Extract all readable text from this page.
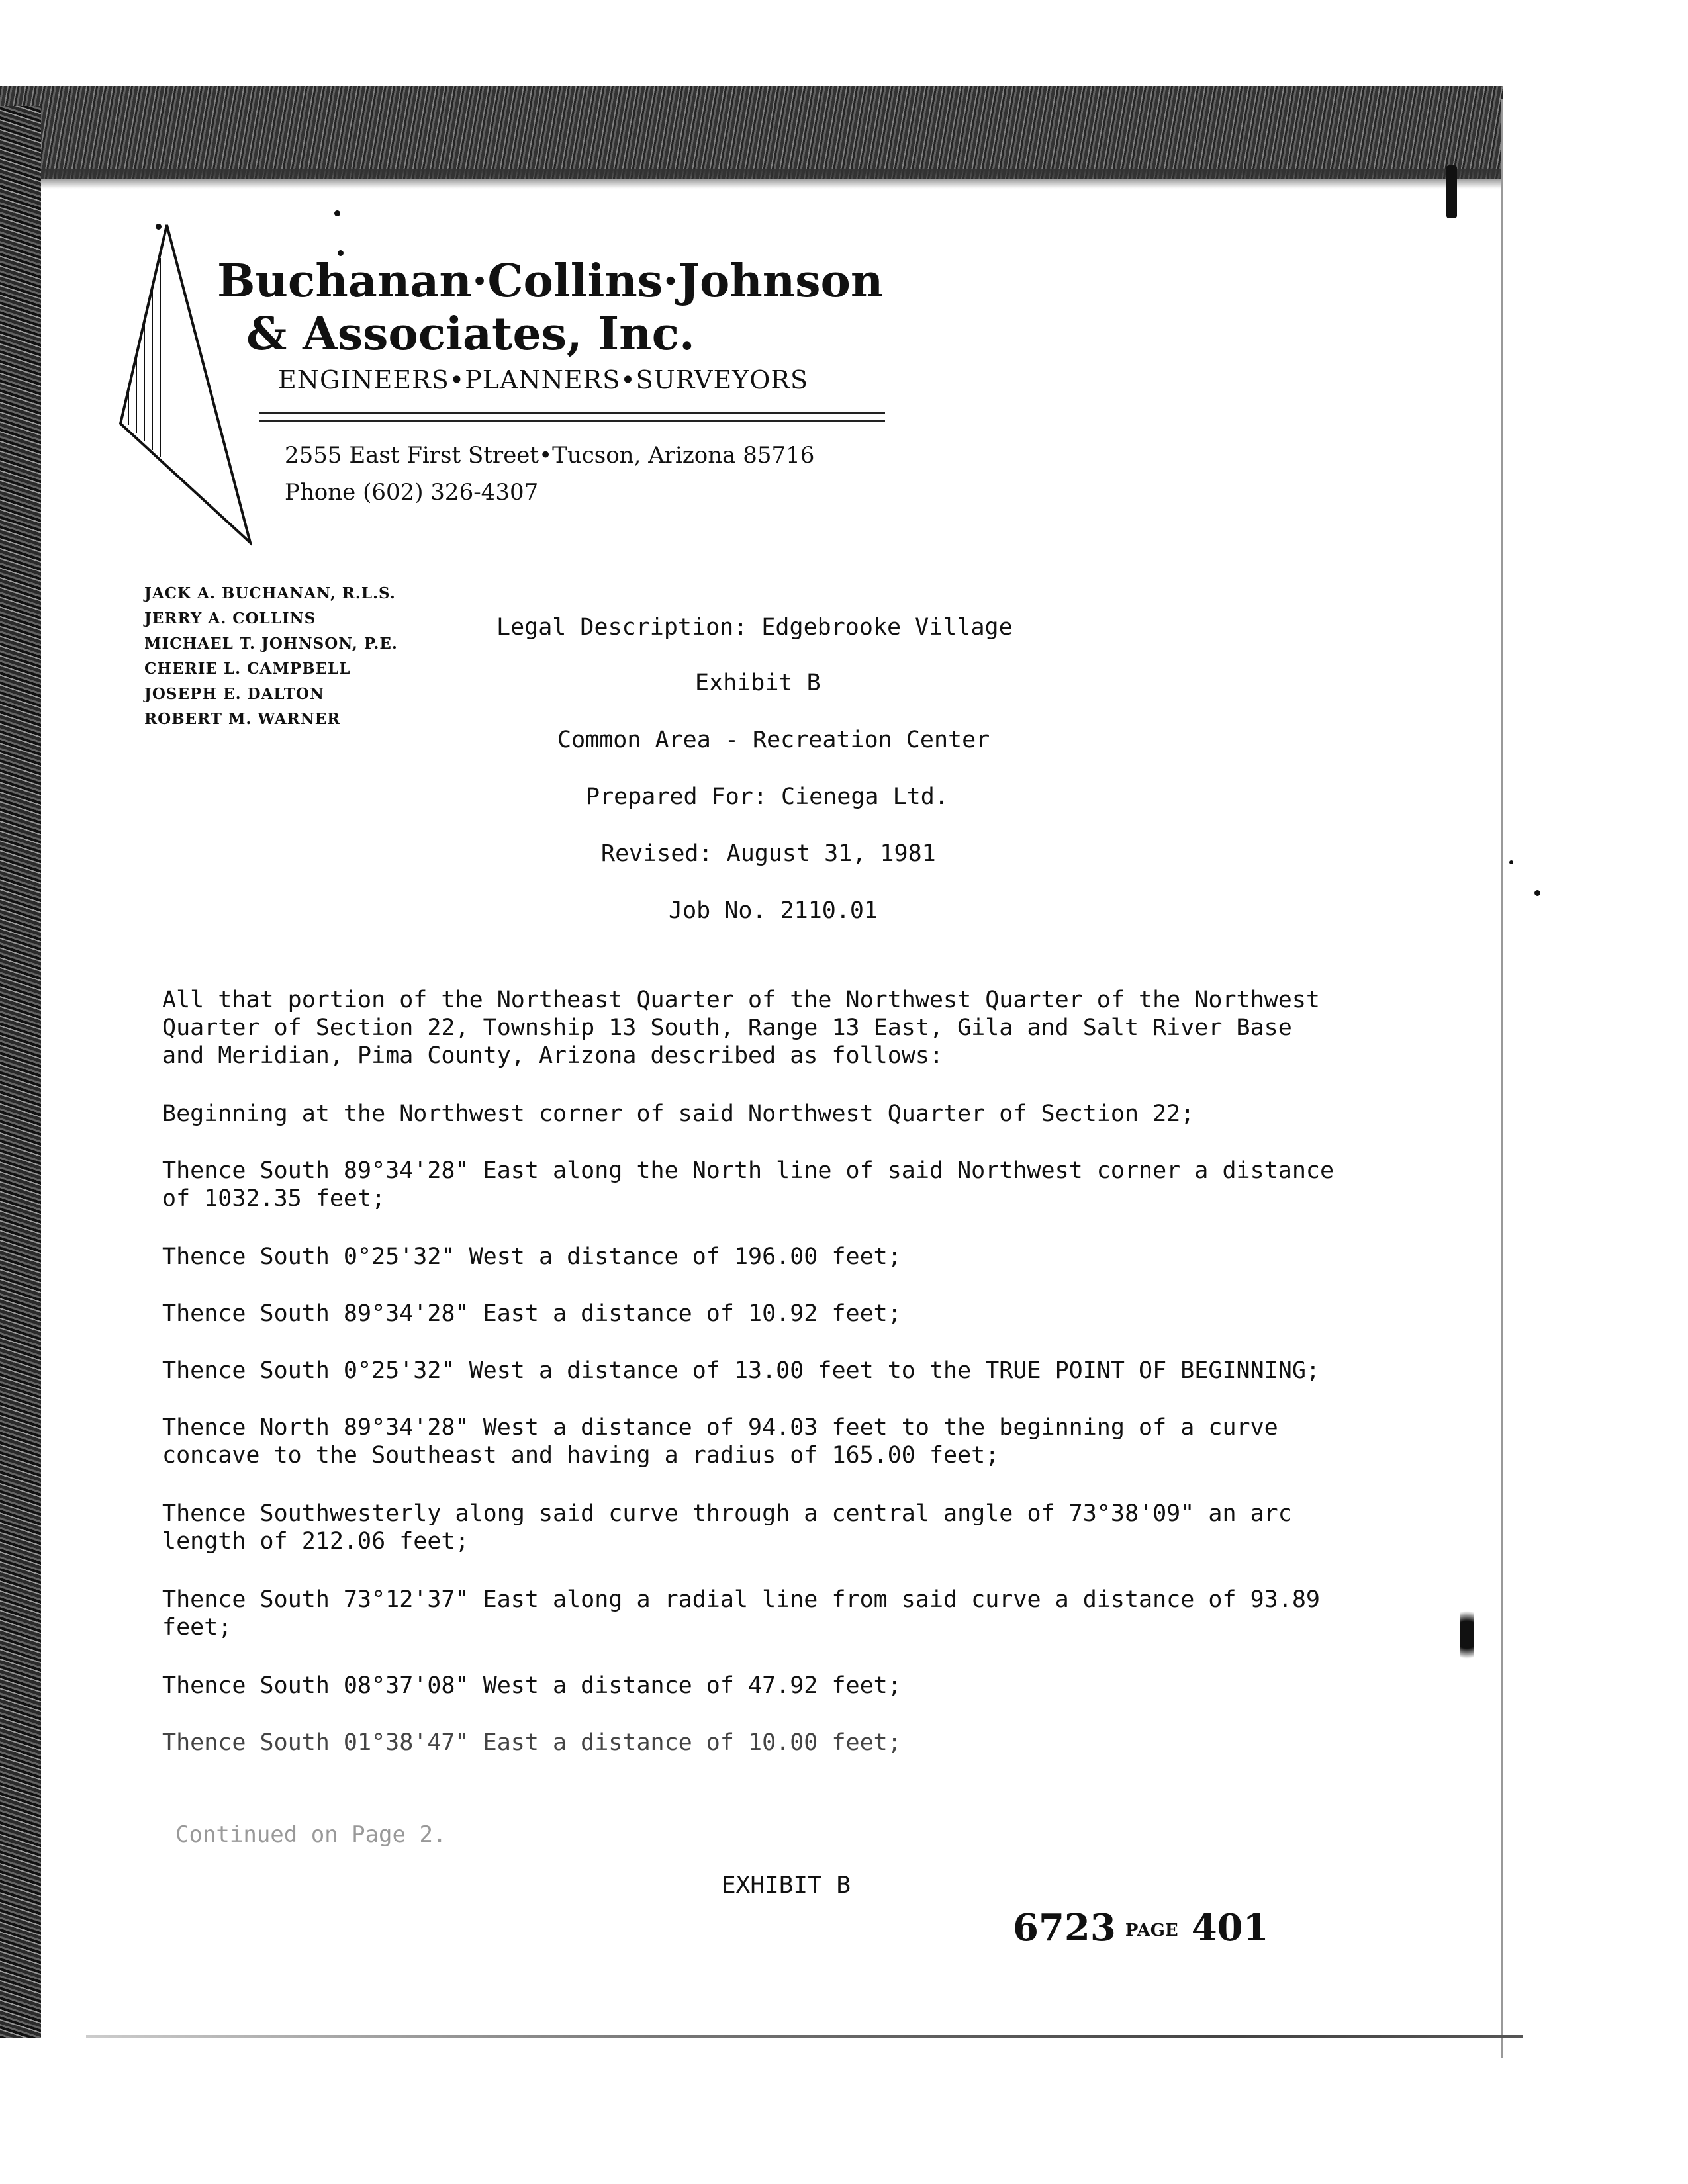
Buchanan·Collins·Johnson
& Associates, Inc.
ENGINEERS•PLANNERS•SURVEYORS
2555 East First Street•Tucson, Arizona 85716
Phone (602) 326-4307
JACK A. BUCHANAN, R.L.S.
JERRY A. COLLINS
MICHAEL T. JOHNSON, P.E.
CHERIE L. CAMPBELL
JOSEPH E. DALTON
ROBERT M. WARNER
Legal Description: Edgebrooke Village
Exhibit B
Common Area - Recreation Center
Prepared For: Cienega Ltd.
Revised: August 31, 1981
Job No. 2110.01
All that portion of the Northeast Quarter of the Northwest Quarter of the Northwest
Quarter of Section 22, Township 13 South, Range 13 East, Gila and Salt River Base
and Meridian, Pima County, Arizona described as follows:
Beginning at the Northwest corner of said Northwest Quarter of Section 22;
Thence South 89°34'28" East along the North line of said Northwest corner a distance
of 1032.35 feet;
Thence South 0°25'32" West a distance of 196.00 feet;
Thence South 89°34'28" East a distance of 10.92 feet;
Thence South 0°25'32" West a distance of 13.00 feet to the TRUE POINT OF BEGINNING;
Thence North 89°34'28" West a distance of 94.03 feet to the beginning of a curve
concave to the Southeast and having a radius of 165.00 feet;
Thence Southwesterly along said curve through a central angle of 73°38'09" an arc
length of 212.06 feet;
Thence South 73°12'37" East along a radial line from said curve a distance of 93.89
feet;
Thence South 08°37'08" West a distance of 47.92 feet;
Thence South 01°38'47" East a distance of 10.00 feet;
Continued on Page 2.
EXHIBIT B
6723 PAGE 401
